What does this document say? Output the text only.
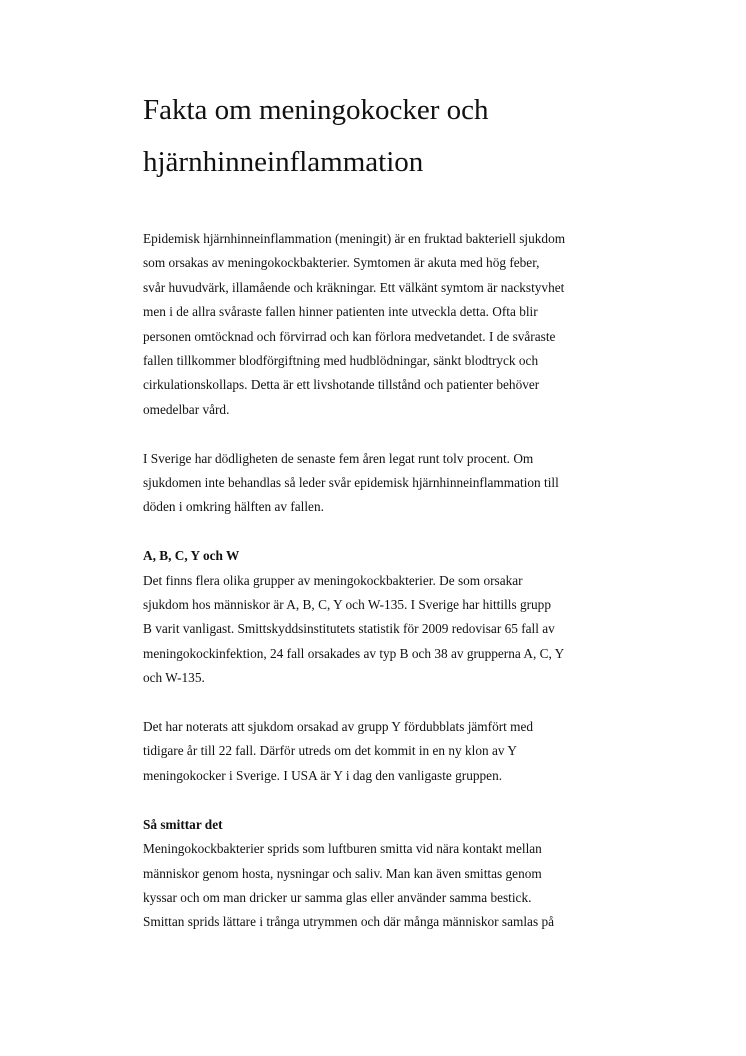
Fakta om meningokocker och
hjärnhinneinflammation

Epidemisk hjärnhinneinflammation (meningit) är en fruktad bakteriell sjukdom
som orsakas av meningokockbakterier. Symtomen är akuta med hög feber,
svår huvudvärk, illamående och kräkningar. Ett välkänt symtom är nackstyvhet
men i de allra svåraste fallen hinner patienten inte utveckla detta. Ofta blir
personen omtöcknad och förvirrad och kan förlora medvetandet. I de svåraste
fallen tillkommer blodförgiftning med hudblödningar, sänkt blodtryck och
cirkulationskollaps. Detta är ett livshotande tillstånd och patienter behöver
omedelbar vård.

I Sverige har dödligheten de senaste fem åren legat runt tolv procent. Om
sjukdomen inte behandlas så leder svår epidemisk hjärnhinneinflammation till
döden i omkring hälften av fallen.

A, B, C, Y och W

Det finns flera olika grupper av meningokockbakterier. De som orsakar
sjukdom hos människor är A, B, C, Y och W-135. I Sverige har hittills grupp
B varit vanligast. Smittskyddsinstitutets statistik för 2009 redovisar 65 fall av
meningokockinfektion, 24 fall orsakades av typ B och 38 av grupperna A, C, Y
och W-135.

Det har noterats att sjukdom orsakad av grupp Y fördubblats jämfört med
tidigare år till 22 fall. Därför utreds om det kommit in en ny klon av Y
meningokocker i Sverige. I USA är Y i dag den vanligaste gruppen.

Så smittar det

Meningokockbakterier sprids som luftburen smitta vid nära kontakt mellan
människor genom hosta, nysningar och saliv. Man kan även smittas genom
kyssar och om man dricker ur samma glas eller använder samma bestick.
Smittan sprids lättare i trånga utrymmen och där många människor samlas på
